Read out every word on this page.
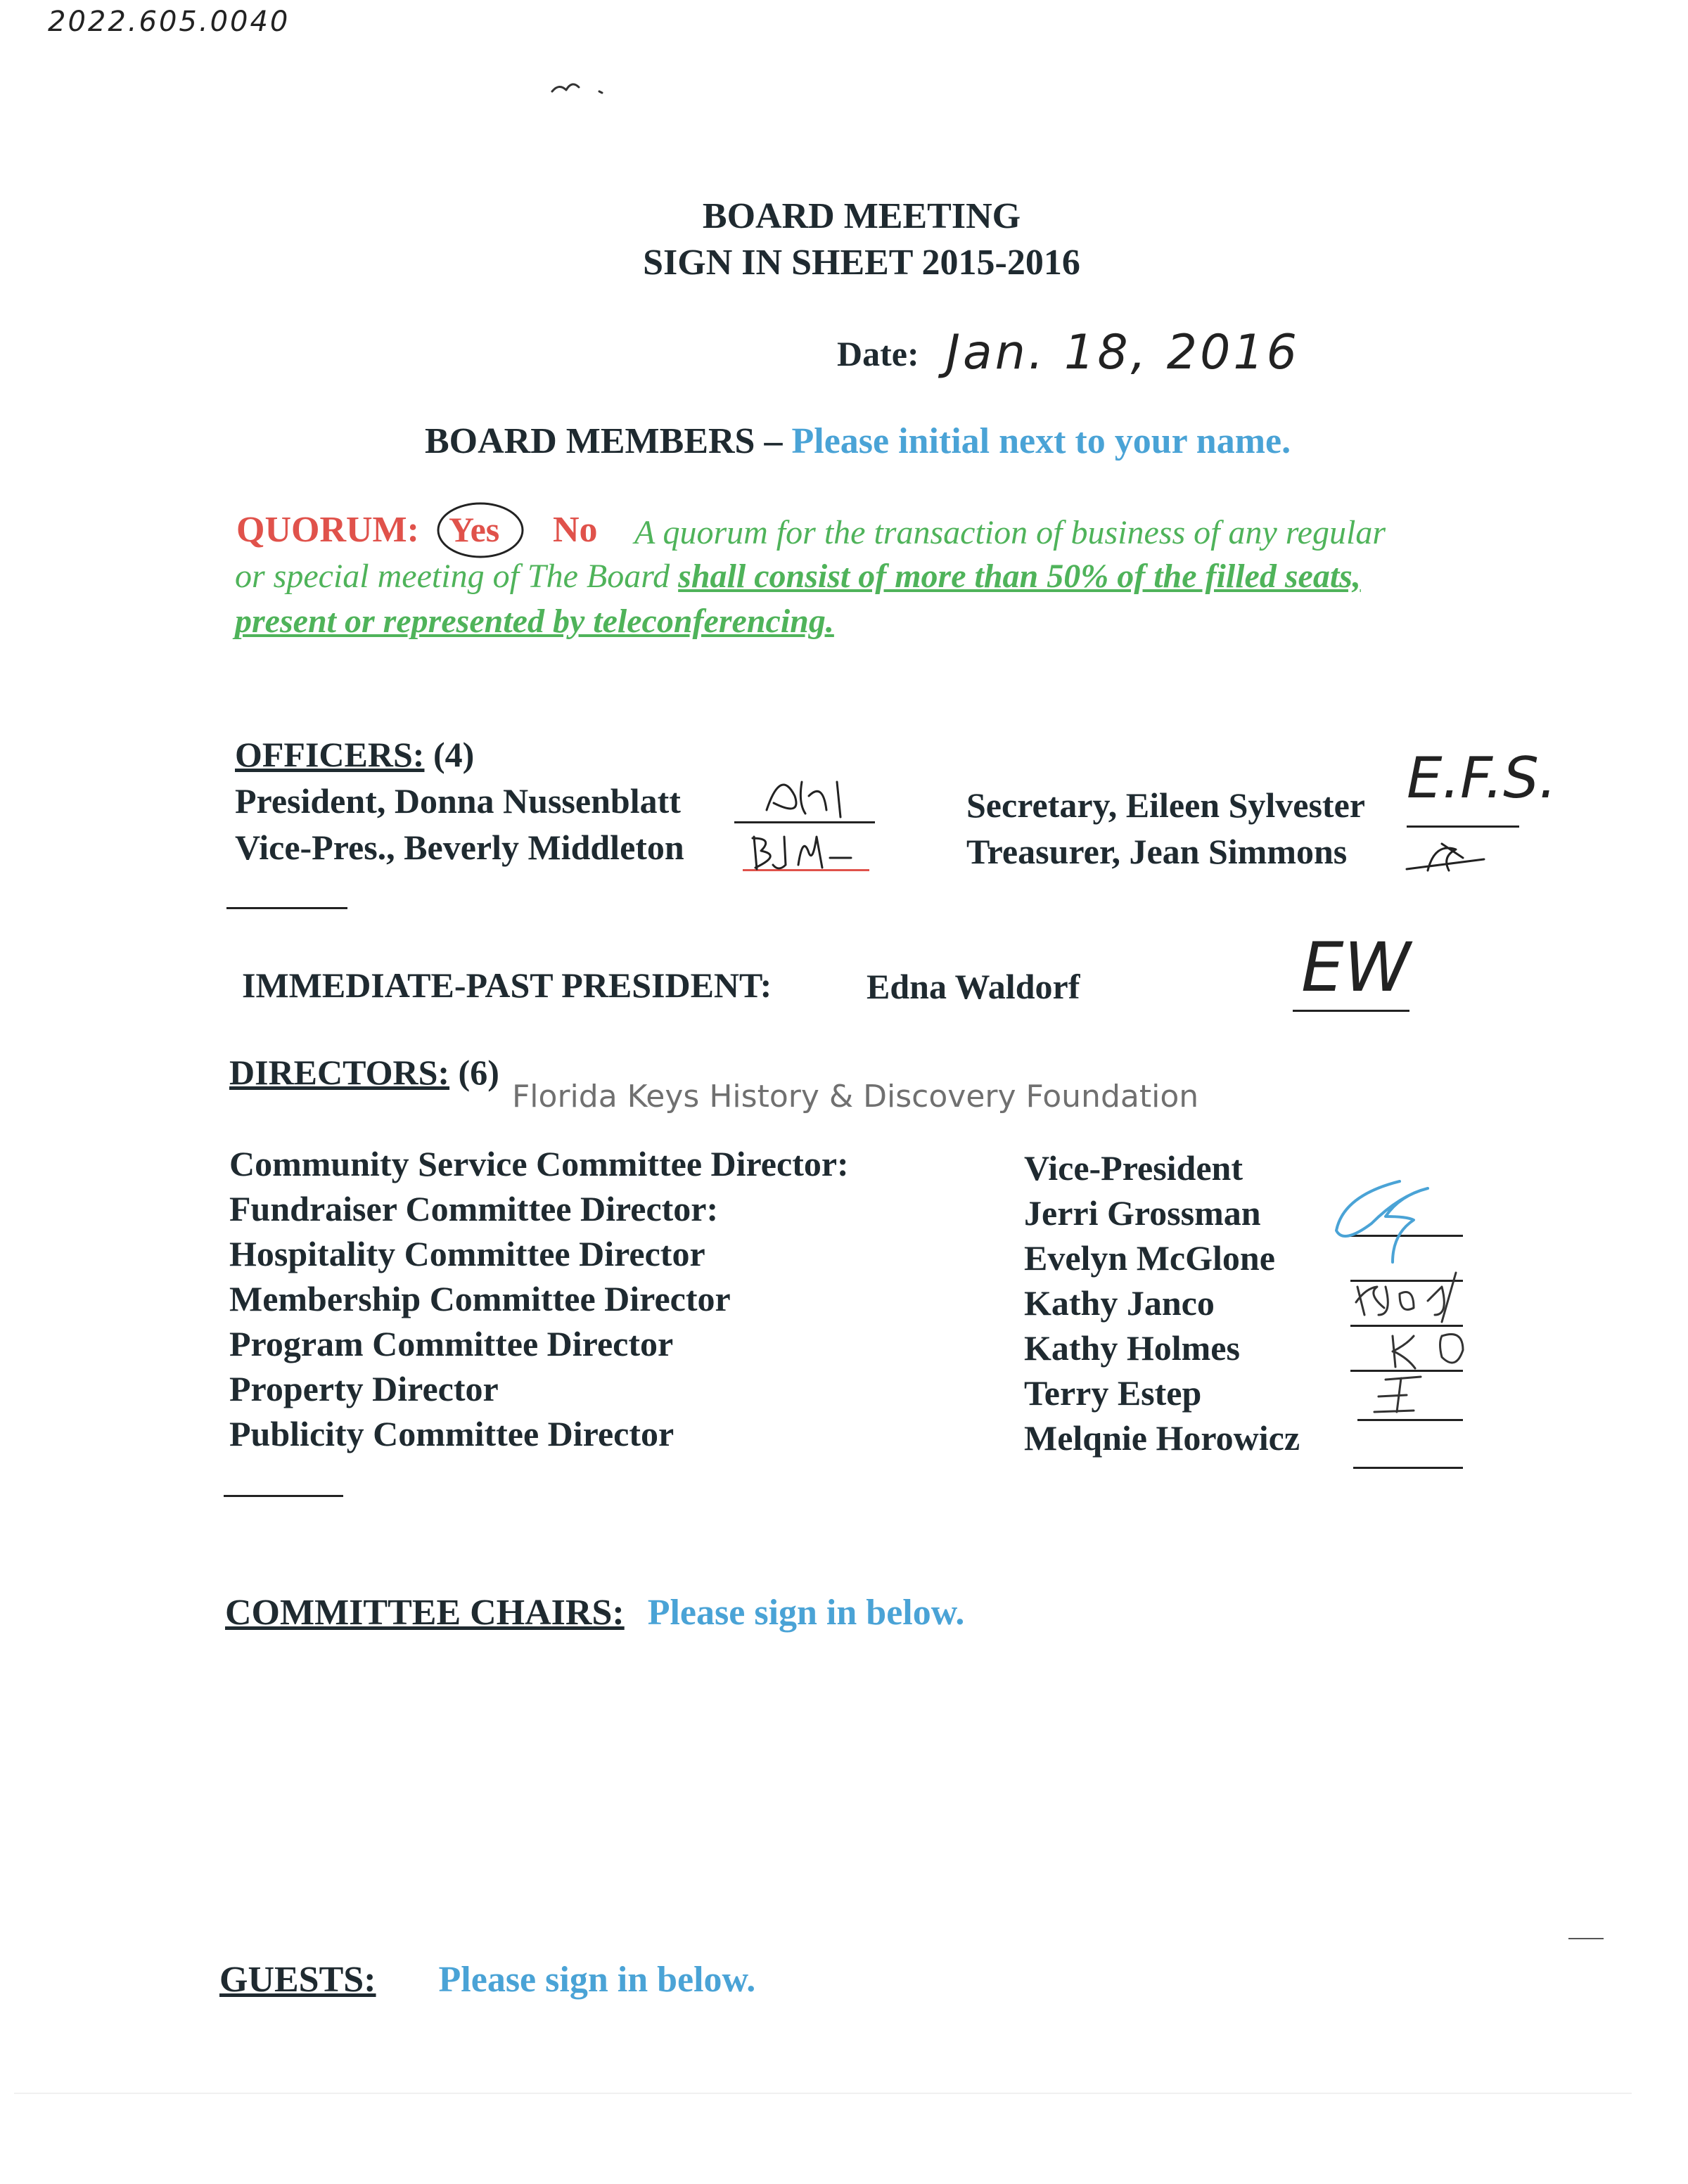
2022.605.0040
BOARD MEETING
SIGN IN SHEET 2015-2016
Date: Jan. 18, 2016
BOARD MEMBERS – Please initial next to your name.
QUORUM: Yes No A quorum for the transaction of business of any regular
or special meeting of The Board shall consist of more than 50% of the filled seats,
present or represented by teleconferencing.
OFFICERS: (4)
President, Donna Nussenblatt
Vice-Pres., Beverly Middleton
Secretary, Eileen Sylvester E.F.S.
Treasurer, Jean Simmons
IMMEDIATE-PAST PRESIDENT:	Edna Waldorf	EW
DIRECTORS: (6)
Florida Keys History & Discovery Foundation
Community Service Committee Director:
Fundraiser Committee Director:
Hospitality Committee Director
Membership Committee Director
Program Committee Director
Property Director
Publicity Committee Director
Vice-President
Jerri Grossman
Evelyn McGlone
Kathy Janco
Kathy Holmes
Terry Estep
Melqnie Horowicz
COMMITTEE CHAIRS: Please sign in below.
GUESTS: Please sign in below.
